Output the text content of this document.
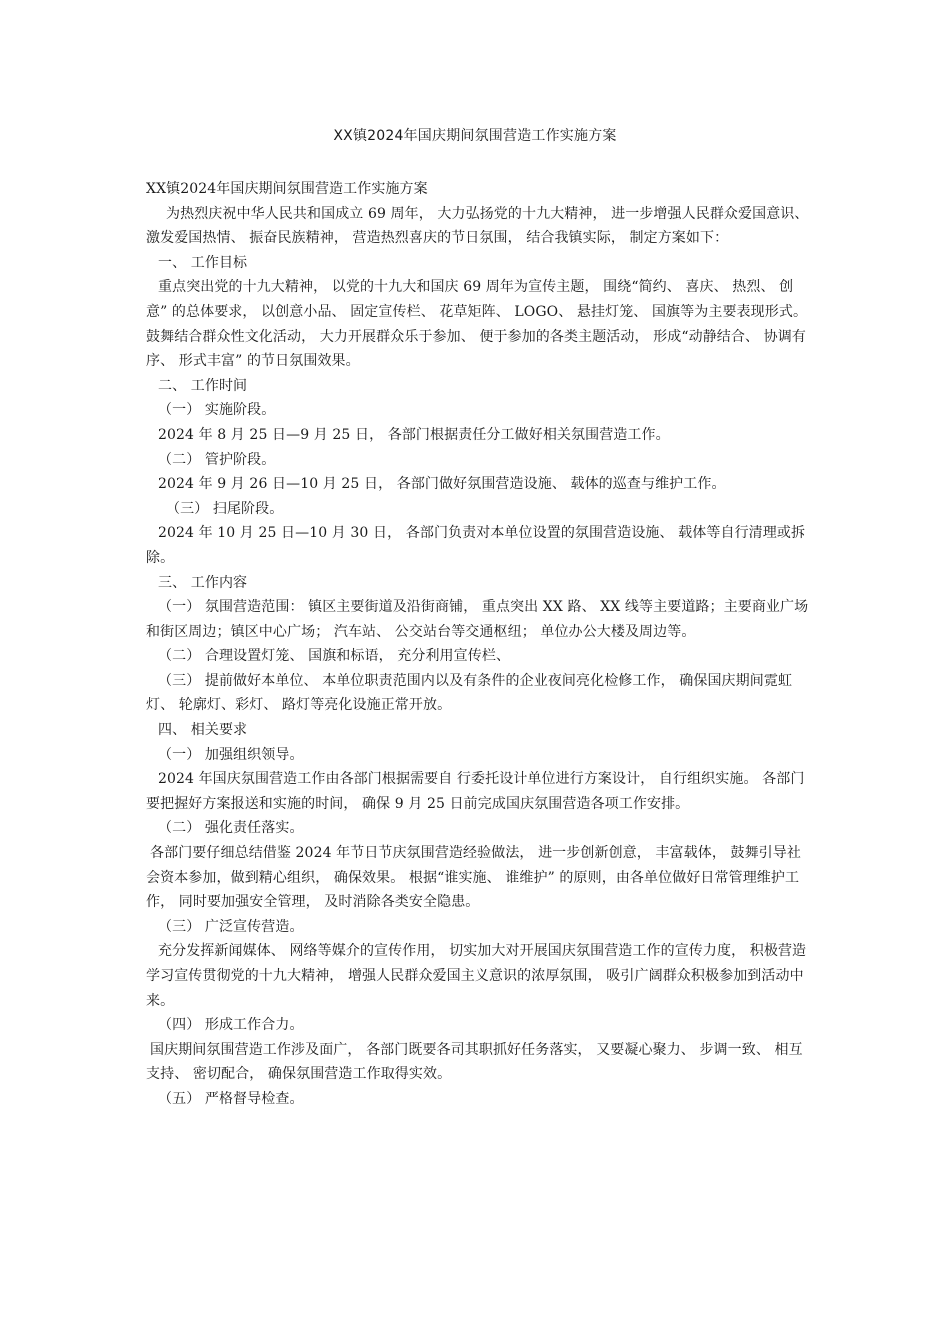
XX镇2024年国庆期间氛围营造工作实施方案

XX镇2024年国庆期间氛围营造工作实施方案

为热烈庆祝中华人民共和国成立 69 周年， 大力弘扬党的十九大精神， 进一步增强人民群众爱国意识、 激发爱国热情、 振奋民族精神， 营造热烈喜庆的节日氛围， 结合我镇实际， 制定方案如下：

一、 工作目标

重点突出党的十九大精神， 以党的十九大和国庆 69 周年为宣传主题， 围绕“简约、 喜庆、 热烈、 创意” 的总体要求， 以创意小品、 固定宣传栏、 花草矩阵、 LOGO、 悬挂灯笼、 国旗等为主要表现形式。 鼓舞结合群众性文化活动， 大力开展群众乐于参加、 便于参加的各类主题活动， 形成“动静结合、 协调有序、 形式丰富” 的节日氛围效果。

二、 工作时间

（一） 实施阶段。

2024 年 8 月 25 日—9 月 25 日， 各部门根据责任分工做好相关氛围营造工作。

（二） 管护阶段。

2024 年 9 月 26 日—10 月 25 日， 各部门做好氛围营造设施、 载体的巡查与维护工作。

（三） 扫尾阶段。

2024 年 10 月 25 日—10 月 30 日， 各部门负责对本单位设置的氛围营造设施、 载体等自行清理或拆除。

三、 工作内容

（一） 氛围营造范围： 镇区主要街道及沿街商铺， 重点突出 XX 路、 XX 线等主要道路；主要商业广场和街区周边；镇区中心广场； 汽车站、 公交站台等交通枢纽； 单位办公大楼及周边等。

（二） 合理设置灯笼、 国旗和标语， 充分利用宣传栏、

（三） 提前做好本单位、 本单位职责范围内以及有条件的企业夜间亮化检修工作， 确保国庆期间霓虹灯、 轮廓灯、彩灯、 路灯等亮化设施正常开放。

四、 相关要求

（一） 加强组织领导。

2024 年国庆氛围营造工作由各部门根据需要自 行委托设计单位进行方案设计， 自行组织实施。 各部门要把握好方案报送和实施的时间， 确保 9 月 25 日前完成国庆氛围营造各项工作安排。

（二） 强化责任落实。

各部门要仔细总结借鉴 2024 年节日节庆氛围营造经验做法， 进一步创新创意， 丰富载体， 鼓舞引导社会资本参加，做到精心组织， 确保效果。 根据“谁实施、 谁维护” 的原则，由各单位做好日常管理维护工作， 同时要加强安全管理， 及时消除各类安全隐患。

（三） 广泛宣传营造。

充分发挥新闻媒体、 网络等媒介的宣传作用， 切实加大对开展国庆氛围营造工作的宣传力度， 积极营造学习宣传贯彻党的十九大精神， 增强人民群众爱国主义意识的浓厚氛围， 吸引广阔群众积极参加到活动中来。

（四） 形成工作合力。

国庆期间氛围营造工作涉及面广， 各部门既要各司其职抓好任务落实， 又要凝心聚力、 步调一致、 相互支持、 密切配合， 确保氛围营造工作取得实效。

（五） 严格督导检查。
